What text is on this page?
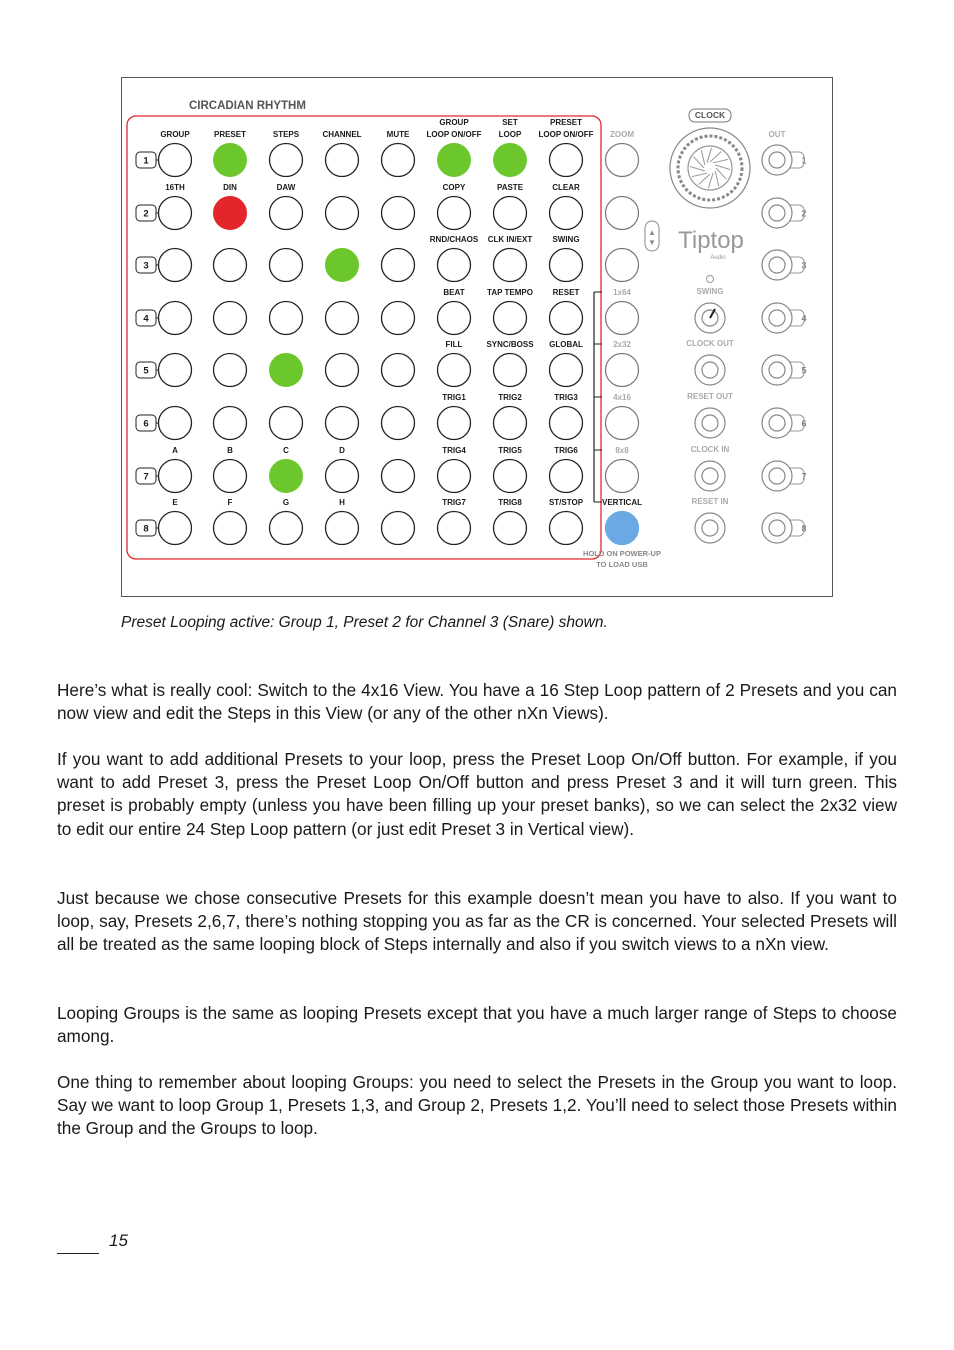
CIRCADIAN RHYTHM
GROUP	PRESET	STEPS	CHANNEL	MUTE
GROUP
LOOP ON/OFF
SET
LOOP
PRESET
LOOP ON/OFF
16TH	DIN	DAW	COPY	PASTE	CLEAR
RND/CHAOS CLK IN/EXT	SWING
BEAT	TAP TEMPO RESET
FILL	SYNC/BOSS GLOBAL
TRIG1	TRIG2	TRIG3
A	B	C	D	TRIG4	TRIG5	TRIG6
E	F	G	H	TRIG7	TRIG8	ST/STOP
1
2
3
4
5
6
7
8
ZOOM
1x64
2x32
4x16
8x8
VERTICAL
HOLD ON POWER-UP
TO LOAD USB
CLOCK
▲
▼ Tiptop
Audio
SWING
CLOCK OUT
RESET OUT
CLOCK IN
RESET IN
OUT
1
2
3
4
5
6
7
8
Preset Looping active: Group 1, Preset 2 for Channel 3 (Snare) shown.

Here’s what is really cool: Switch to the 4x16 View. You have a 16 Step Loop pattern of 2 Presets and you can now view and edit the Steps in this View (or any of the other nXn Views).

If you want to add additional Presets to your loop, press the Preset Loop On/Off button. For example, if you want to add Preset 3, press the Preset Loop On/Off button and press Preset 3 and it will turn green. This preset is probably empty (unless you have been filling up your preset banks), so we can select the 2x32 view to edit our entire 24 Step Loop pattern (or just edit Preset 3 in Vertical view).

Just because we chose consecutive Presets for this example doesn’t mean you have to also. If you want to loop, say, Presets 2,6,7, there’s nothing stopping you as far as the CR is concerned. Your selected Presets will all be treated as the same looping block of Steps internally and also if you switch views to a nXn view.

Looping Groups is the same as looping Presets except that you have a much larger range of Steps to choose among.

One thing to remember about looping Groups: you need to select the Presets in the Group you want to loop. Say we want to loop Group 1, Presets 1,3, and Group 2, Presets 1,2. You’ll need to select those Presets within the Group and the Groups to loop.

15
